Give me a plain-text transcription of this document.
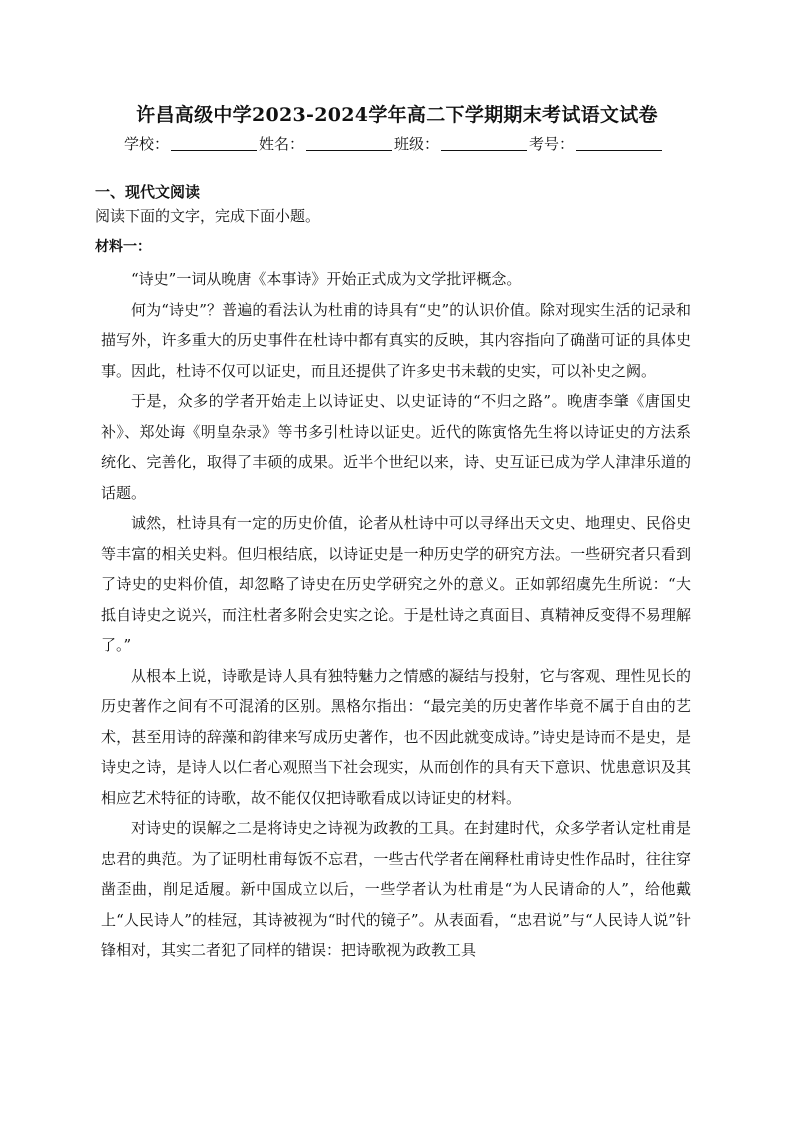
许昌高级中学2023-2024学年高二下学期期末考试语文试卷
学校：	姓名：	班级：	考号：
一、现代文阅读
阅读下面的文字，完成下面小题。
材料一：

“诗史”一词从晚唐《本事诗》开始正式成为文学批评概念。

何为“诗史”？普遍的看法认为杜甫的诗具有“史”的认识价值。除对现实生活的记录和描写外，许多重大的历史事件在杜诗中都有真实的反映，其内容指向了确凿可证的具体史事。因此，杜诗不仅可以证史，而且还提供了许多史书未载的史实，可以补史之阙。

于是，众多的学者开始走上以诗证史、以史证诗的“不归之路”。晚唐李肇《唐国史补》、郑处诲《明皇杂录》等书多引杜诗以证史。近代的陈寅恪先生将以诗证史的方法系统化、完善化，取得了丰硕的成果。近半个世纪以来，诗、史互证已成为学人津津乐道的话题。

诚然，杜诗具有一定的历史价值，论者从杜诗中可以寻绎出天文史、地理史、民俗史等丰富的相关史料。但归根结底，以诗证史是一种历史学的研究方法。一些研究者只看到了诗史的史料价值，却忽略了诗史在历史学研究之外的意义。正如郭绍虞先生所说：“大抵自诗史之说兴，而注杜者多附会史实之论。于是杜诗之真面目、真精神反变得不易理解了。”

从根本上说，诗歌是诗人具有独特魅力之情感的凝结与投射，它与客观、理性见长的历史著作之间有不可混淆的区别。黑格尔指出：“最完美的历史著作毕竟不属于自由的艺术，甚至用诗的辞藻和韵律来写成历史著作，也不因此就变成诗。”诗史是诗而不是史，是诗史之诗，是诗人以仁者心观照当下社会现实，从而创作的具有天下意识、忧患意识及其相应艺术特征的诗歌，故不能仅仅把诗歌看成以诗证史的材料。

对诗史的误解之二是将诗史之诗视为政教的工具。在封建时代，众多学者认定杜甫是忠君的典范。为了证明杜甫每饭不忘君，一些古代学者在阐释杜甫诗史性作品时，往往穿凿歪曲，削足适履。新中国成立以后，一些学者认为杜甫是“为人民请命的人”，给他戴上“人民诗人”的桂冠，其诗被视为“时代的镜子”。从表面看，“忠君说”与“人民诗人说”针锋相对，其实二者犯了同样的错误：把诗歌视为政教工具
